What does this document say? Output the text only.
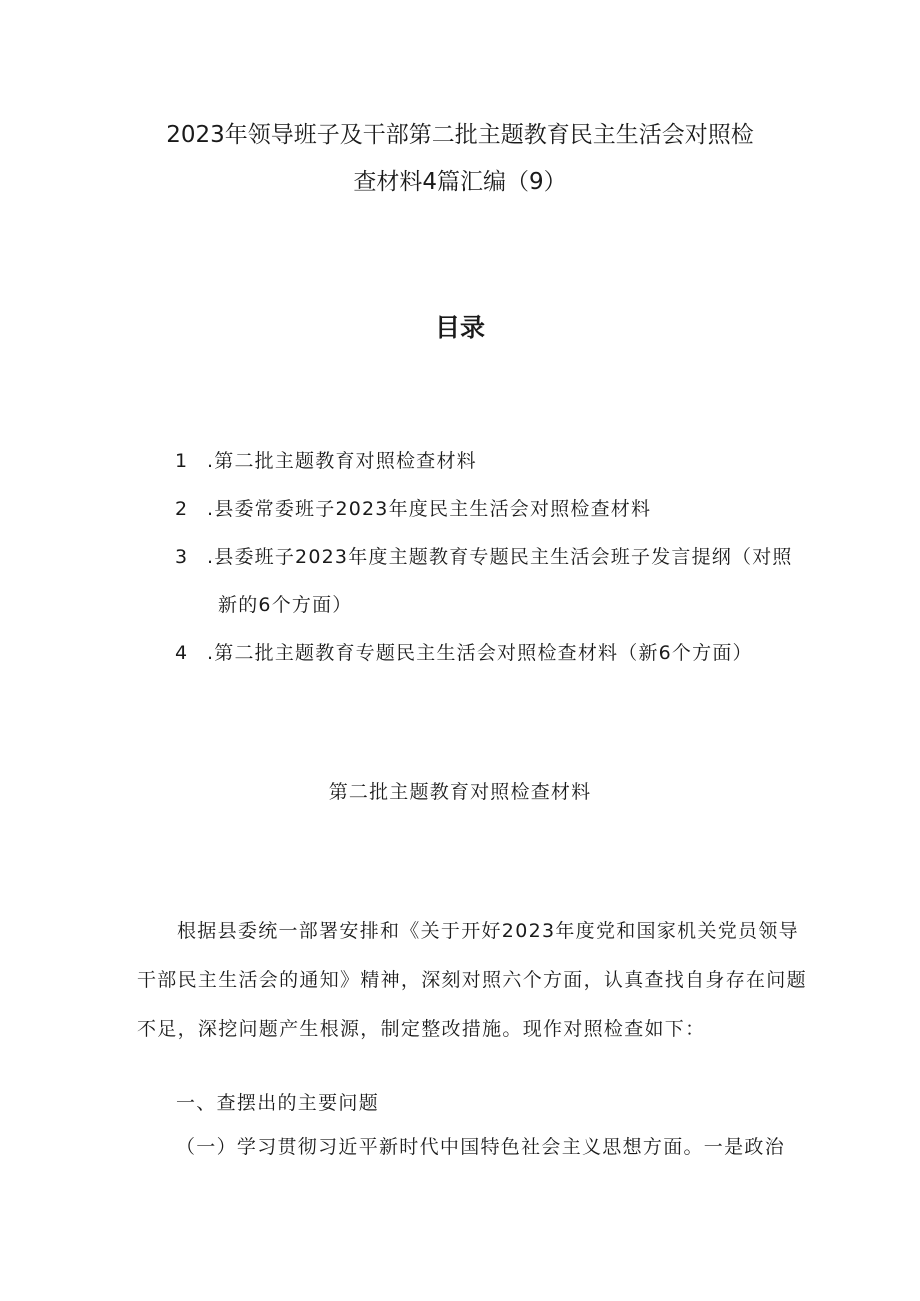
2023年领导班子及干部第二批主题教育民主生活会对照检
查材料4篇汇编（9）
目录
1 .第二批主题教育对照检查材料
2 .县委常委班子2023年度民主生活会对照检查材料
3 .县委班子2023年度主题教育专题民主生活会班子发言提纲（对照
新的6个方面）
4 .第二批主题教育专题民主生活会对照检查材料（新6个方面）
第二批主题教育对照检查材料
根据县委统一部署安排和《关于开好2023年度党和国家机关党员领导
干部民主生活会的通知》精神，深刻对照六个方面，认真查找自身存在问题
不足，深挖问题产生根源，制定整改措施。现作对照检查如下：
一、查摆出的主要问题
（一）学习贯彻习近平新时代中国特色社会主义思想方面。一是政治
